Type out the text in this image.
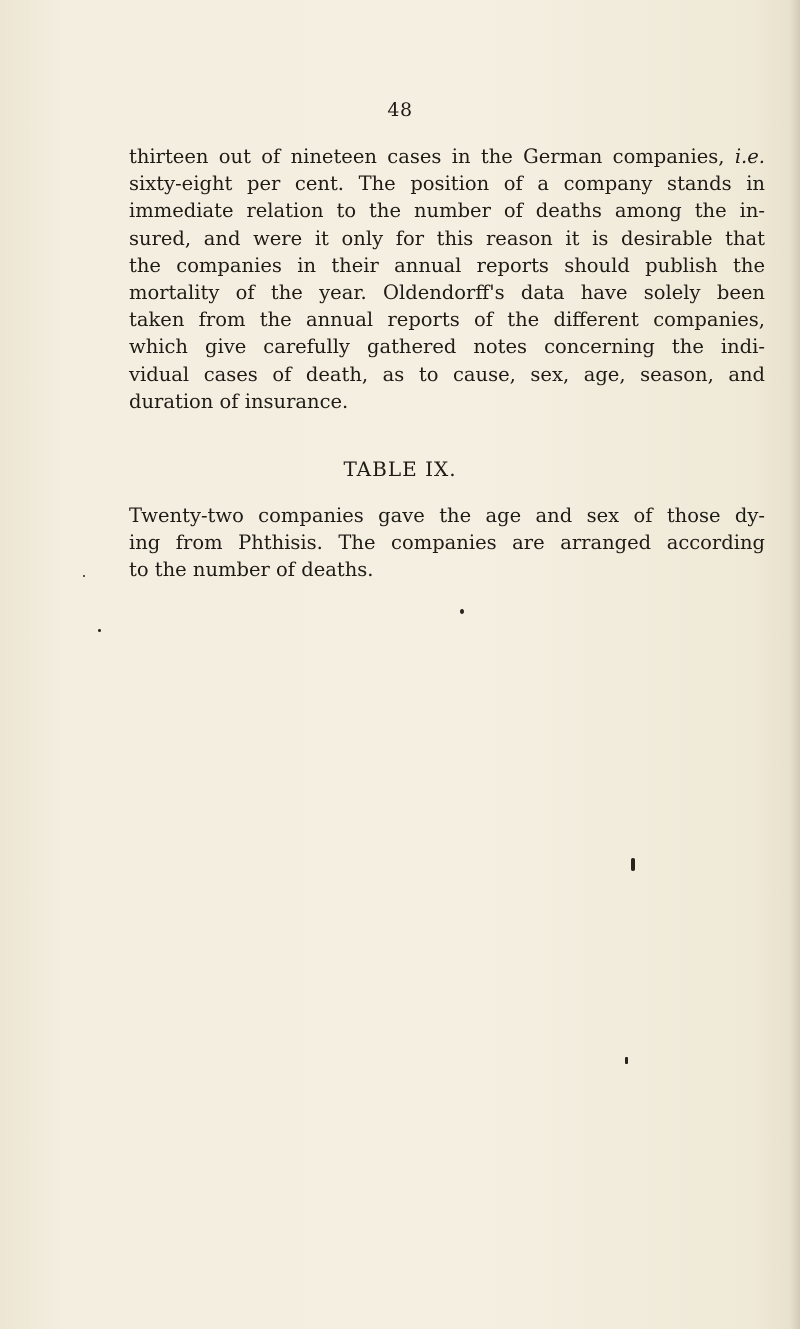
48
thirteen out of nineteen cases in the German companies, i.e.
sixty-eight per cent. The position of a company stands in
immediate relation to the number of deaths among the in-
sured, and were it only for this reason it is desirable that
the companies in their annual reports should publish the
mortality of the year. Oldendorff's data have solely been
taken from the annual reports of the different companies,
which give carefully gathered notes concerning the indi-
vidual cases of death, as to cause, sex, age, season, and
duration of insurance.
TABLE IX.
Twenty-two companies gave the age and sex of those dy-
ing from Phthisis. The companies are arranged according
to the number of deaths.
